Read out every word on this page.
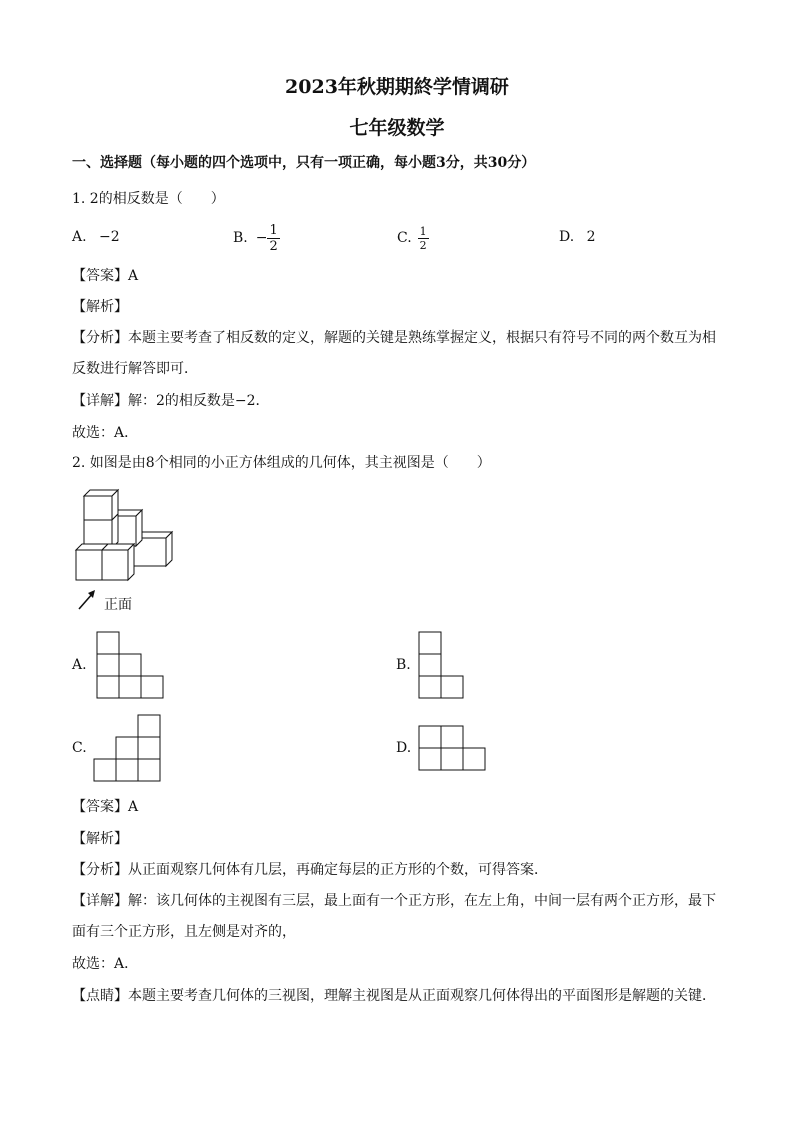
2023年秋期期終学情调研
七年级数学
一、选择题（每小题的四个选项中，只有一项正确，每小题3分，共30分）
1. 2的相反数是（　　）
A. −2	B. − $\frac{1}{2}$	C. $\frac{1}{2}$	D. 2
【答案】A
【解析】
【分析】本题主要考查了相反数的定义，解题的关键是熟练掌握定义，根据只有符号不同的两个数互为相
反数进行解答即可．
【详解】解：2的相反数是−2．
故选：A．
2. 如图是由8个相同的小正方体组成的几何体，其主视图是（　　）
正面
A.	B.
C.	D.
【答案】A
【解析】
【分析】从正面观察几何体有几层，再确定每层的正方形的个数，可得答案．
【详解】解：该几何体的主视图有三层，最上面有一个正方形，在左上角，中间一层有两个正方形，最下
面有三个正方形，且左侧是对齐的，
故选：A．
【点睛】本题主要考查几何体的三视图，理解主视图是从正面观察几何体得出的平面图形是解题的关键．
